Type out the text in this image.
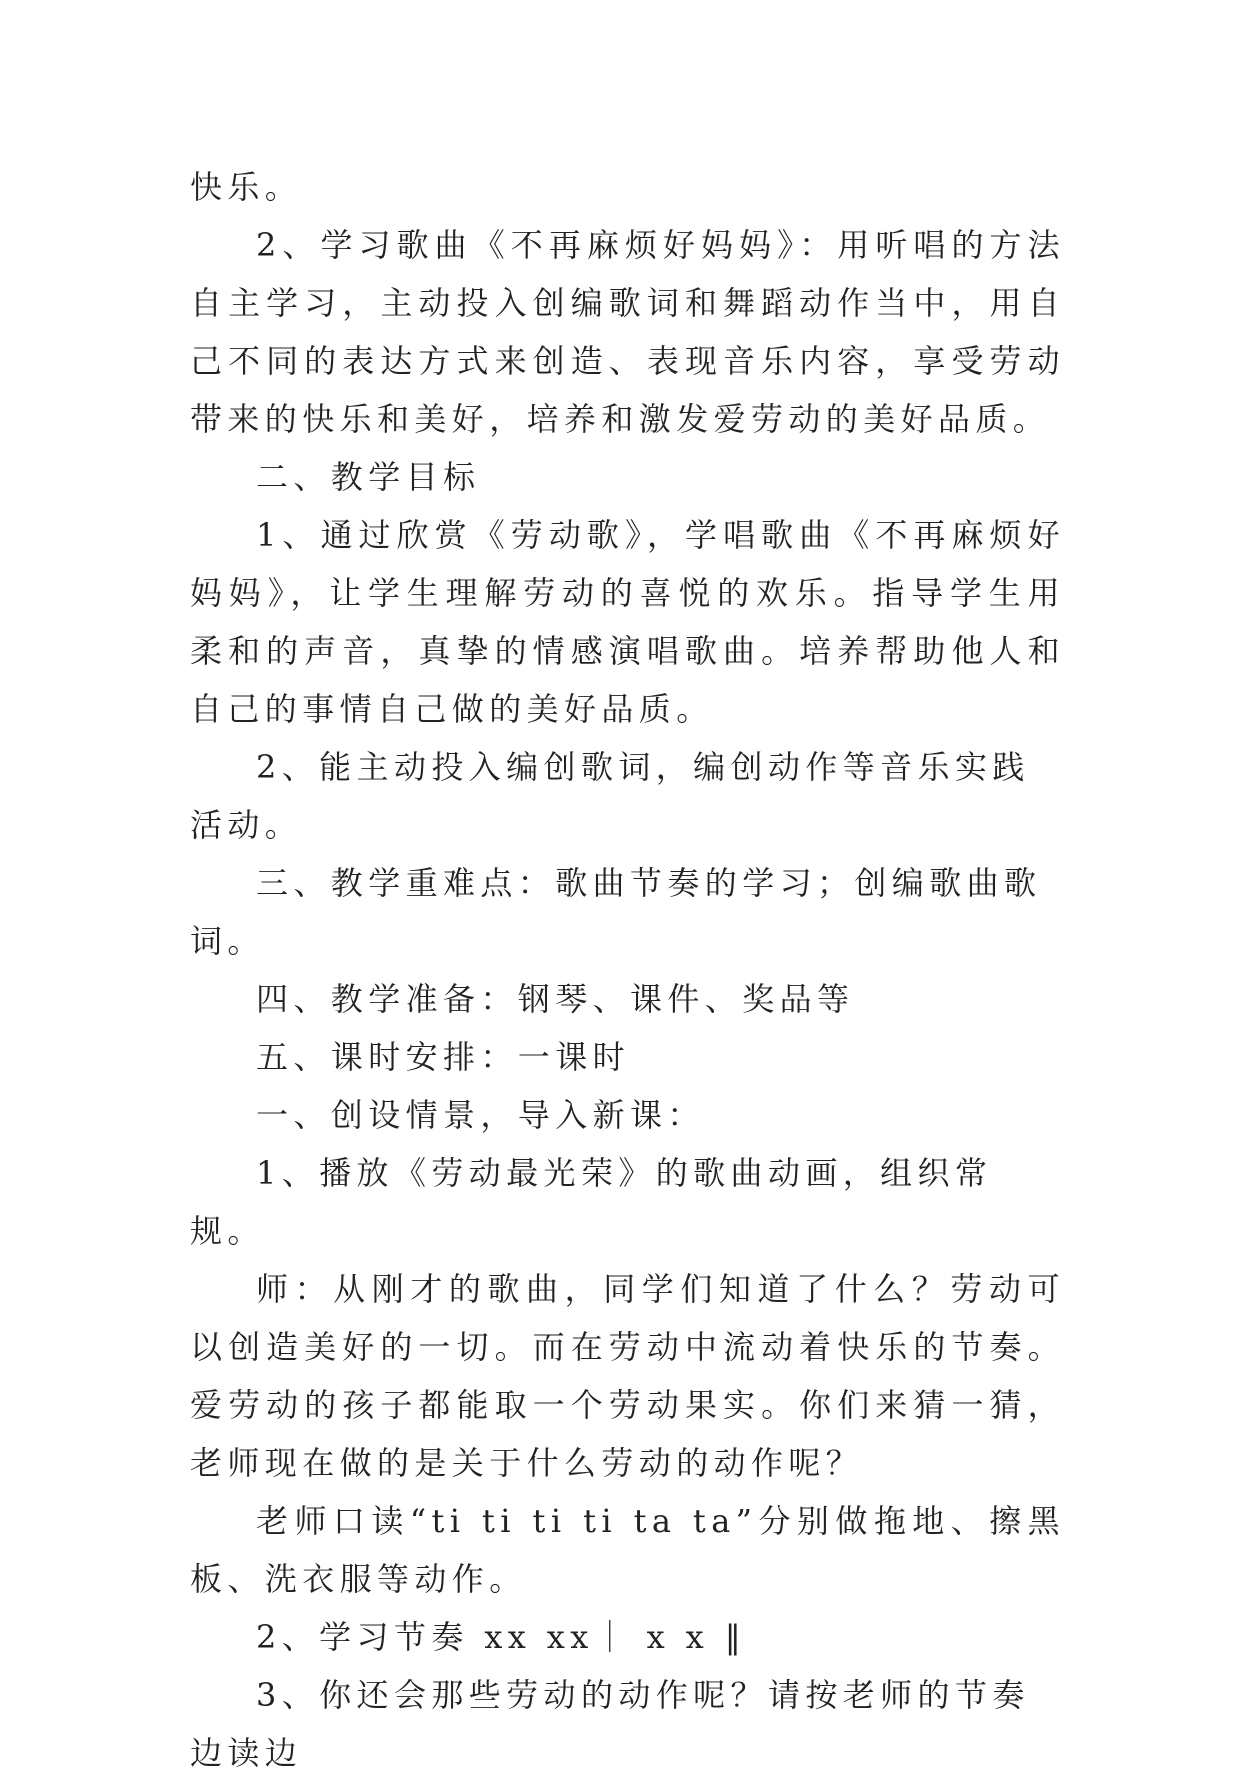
快乐。

2、学习歌曲《不再麻烦好妈妈》：用听唱的方法自主学习，主动投入创编歌词和舞蹈动作当中，用自己不同的表达方式来创造、表现音乐内容，享受劳动带来的快乐和美好，培养和激发爱劳动的美好品质。

二、教学目标

1、通过欣赏《劳动歌》，学唱歌曲《不再麻烦好妈妈》，让学生理解劳动的喜悦的欢乐。指导学生用柔和的声音，真挚的情感演唱歌曲。培养帮助他人和自己的事情自己做的美好品质。

2、能主动投入编创歌词，编创动作等音乐实践活动。

三、教学重难点：歌曲节奏的学习；创编歌曲歌词。

四、教学准备：钢琴、课件、奖品等

五、课时安排：一课时

一、创设情景，导入新课：

1、播放《劳动最光荣》的歌曲动画，组织常规。

师：从刚才的歌曲，同学们知道了什么？劳动可以创造美好的一切。而在劳动中流动着快乐的节奏。爱劳动的孩子都能取一个劳动果实。你们来猜一猜，老师现在做的是关于什么劳动的动作呢？

老师口读“ti ti ti ti ta ta”分别做拖地、擦黑板、洗衣服等动作。

2、学习节奏 xx xx｜ x x ‖

3、你还会那些劳动的动作呢？请按老师的节奏边读边
